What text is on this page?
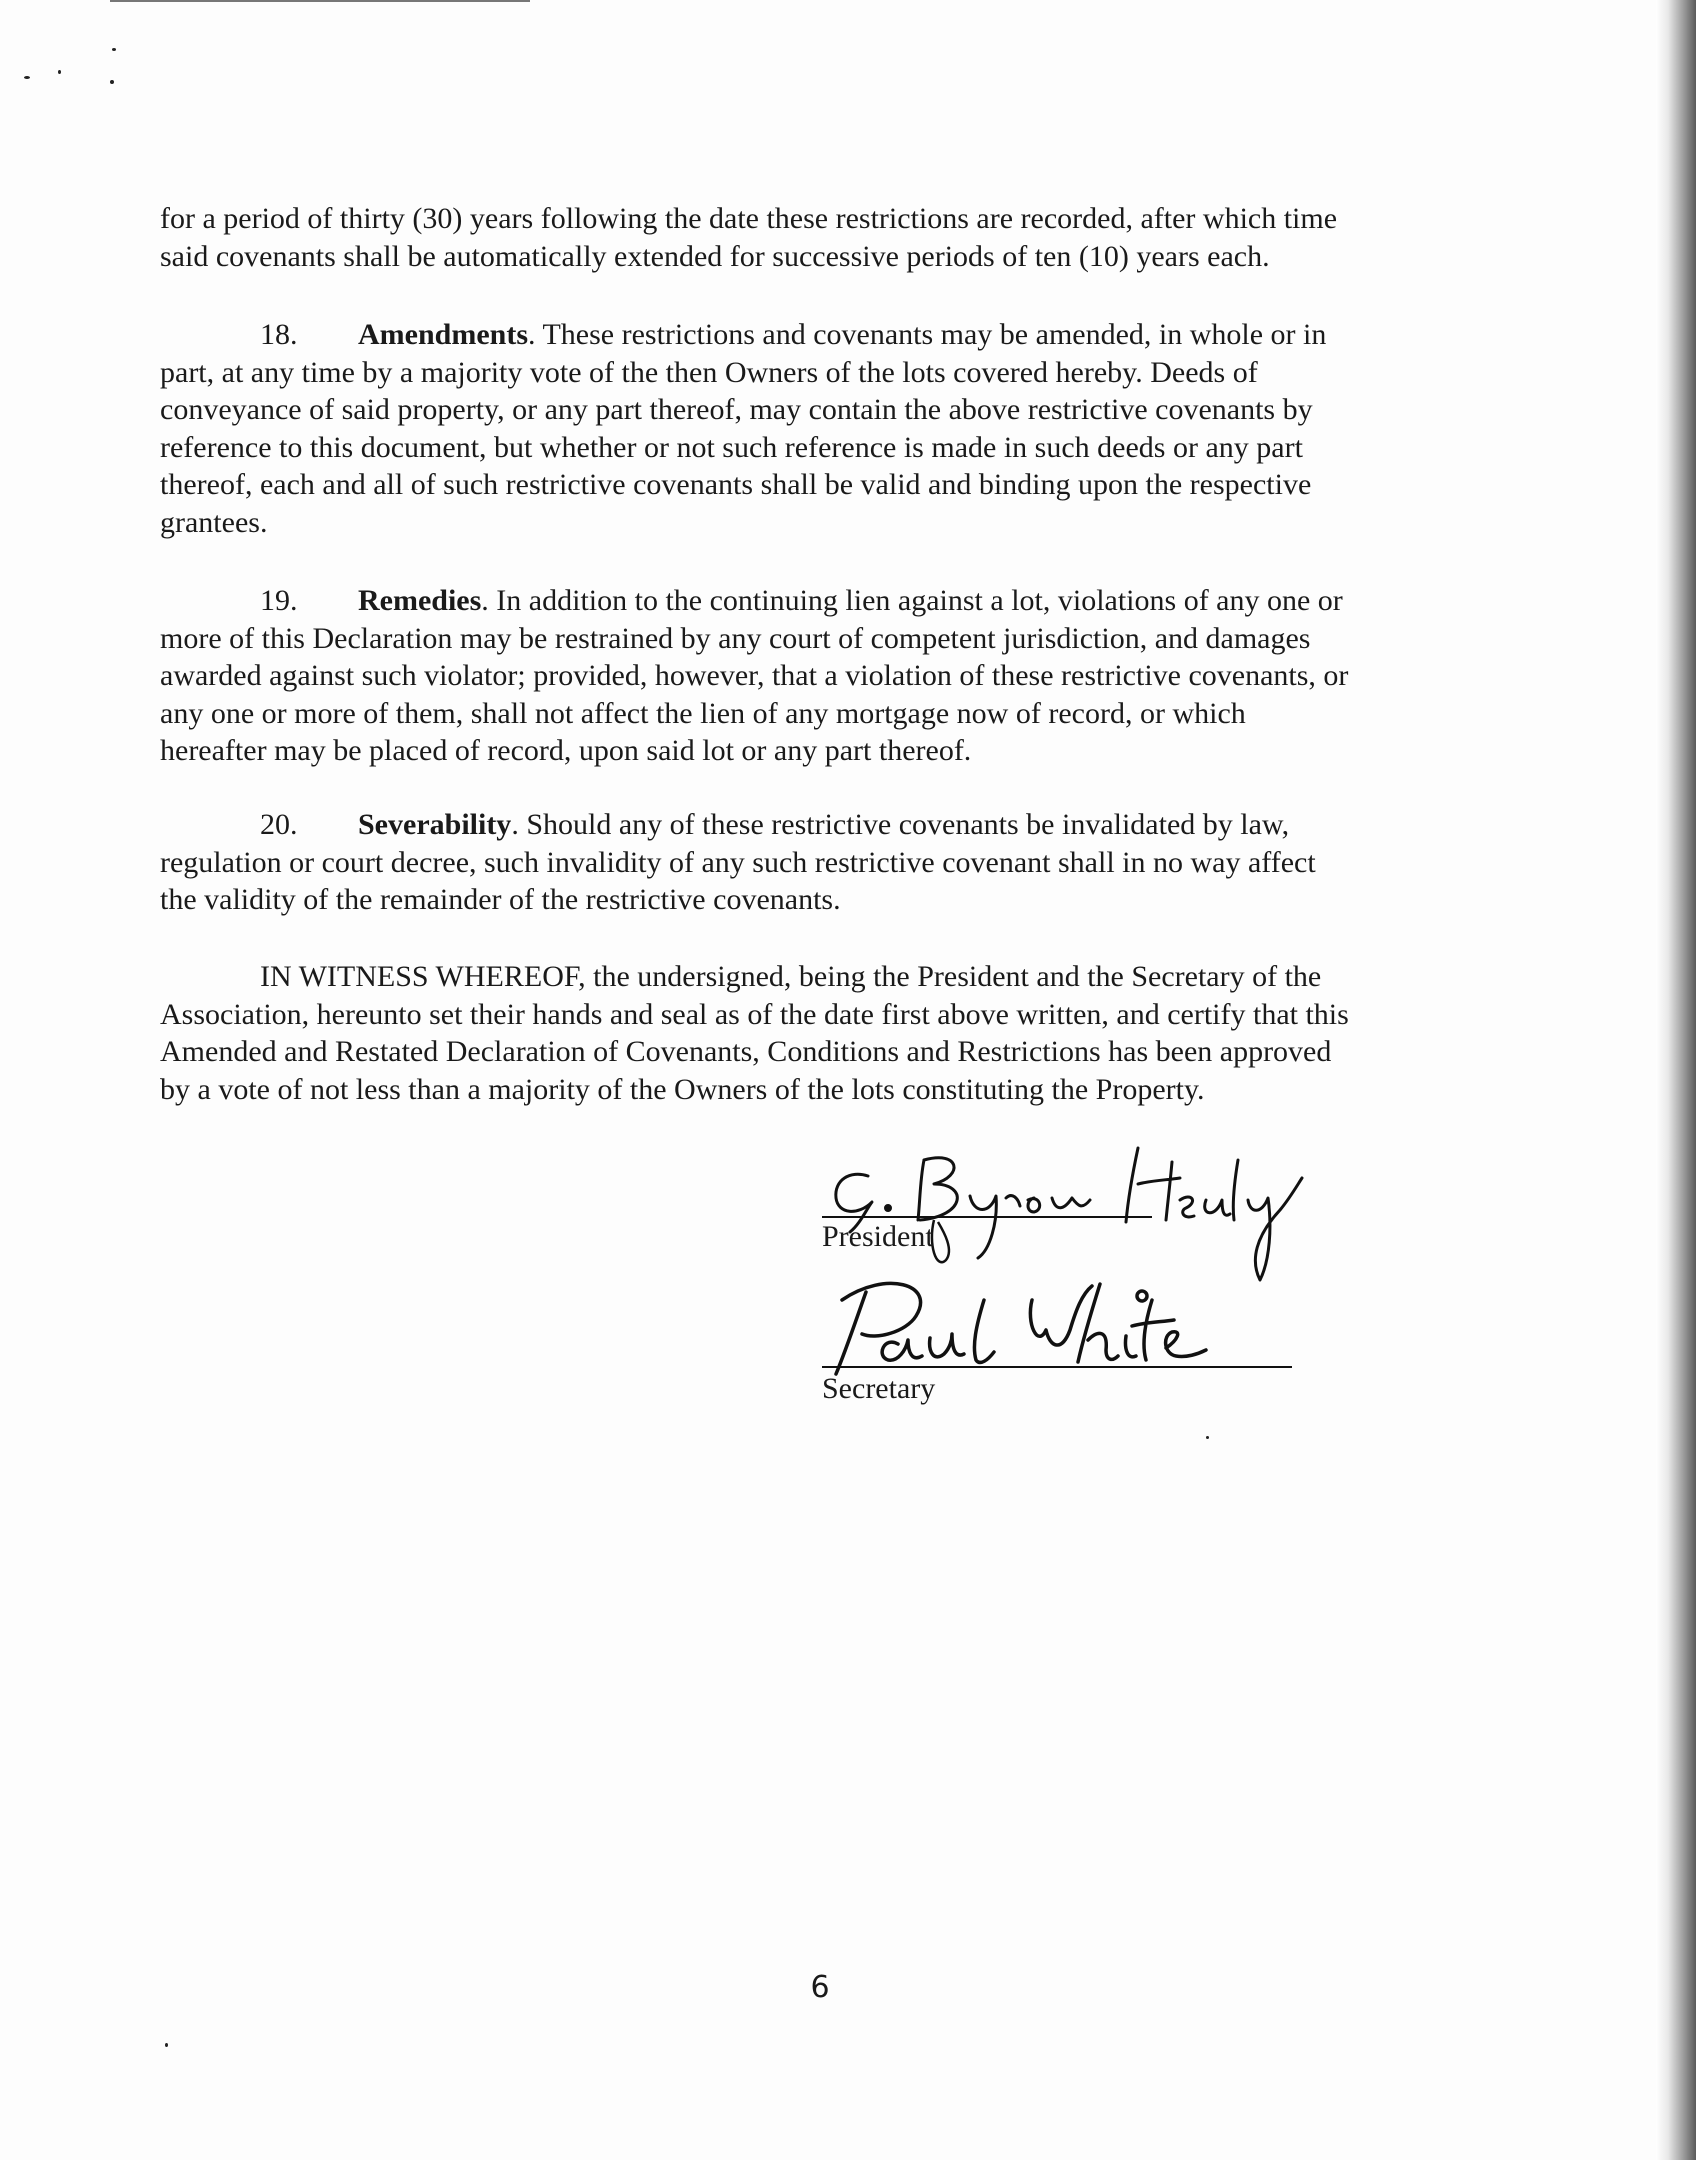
for a period of thirty (30) years following the date these restrictions are recorded, after which time
said covenants shall be automatically extended for successive periods of ten (10) years each.
18. Amendments. These restrictions and covenants may be amended, in whole or in
part, at any time by a majority vote of the then Owners of the lots covered hereby. Deeds of
conveyance of said property, or any part thereof, may contain the above restrictive covenants by
reference to this document, but whether or not such reference is made in such deeds or any part
thereof, each and all of such restrictive covenants shall be valid and binding upon the respective
grantees.
19. Remedies. In addition to the continuing lien against a lot, violations of any one or
more of this Declaration may be restrained by any court of competent jurisdiction, and damages
awarded against such violator; provided, however, that a violation of these restrictive covenants, or
any one or more of them, shall not affect the lien of any mortgage now of record, or which
hereafter may be placed of record, upon said lot or any part thereof.
20. Severability. Should any of these restrictive covenants be invalidated by law,
regulation or court decree, such invalidity of any such restrictive covenant shall in no way affect
the validity of the remainder of the restrictive covenants.
IN WITNESS WHEREOF, the undersigned, being the President and the Secretary of the
Association, hereunto set their hands and seal as of the date first above written, and certify that this
Amended and Restated Declaration of Covenants, Conditions and Restrictions has been approved
by a vote of not less than a majority of the Owners of the lots constituting the Property.
President
Secretary
6
